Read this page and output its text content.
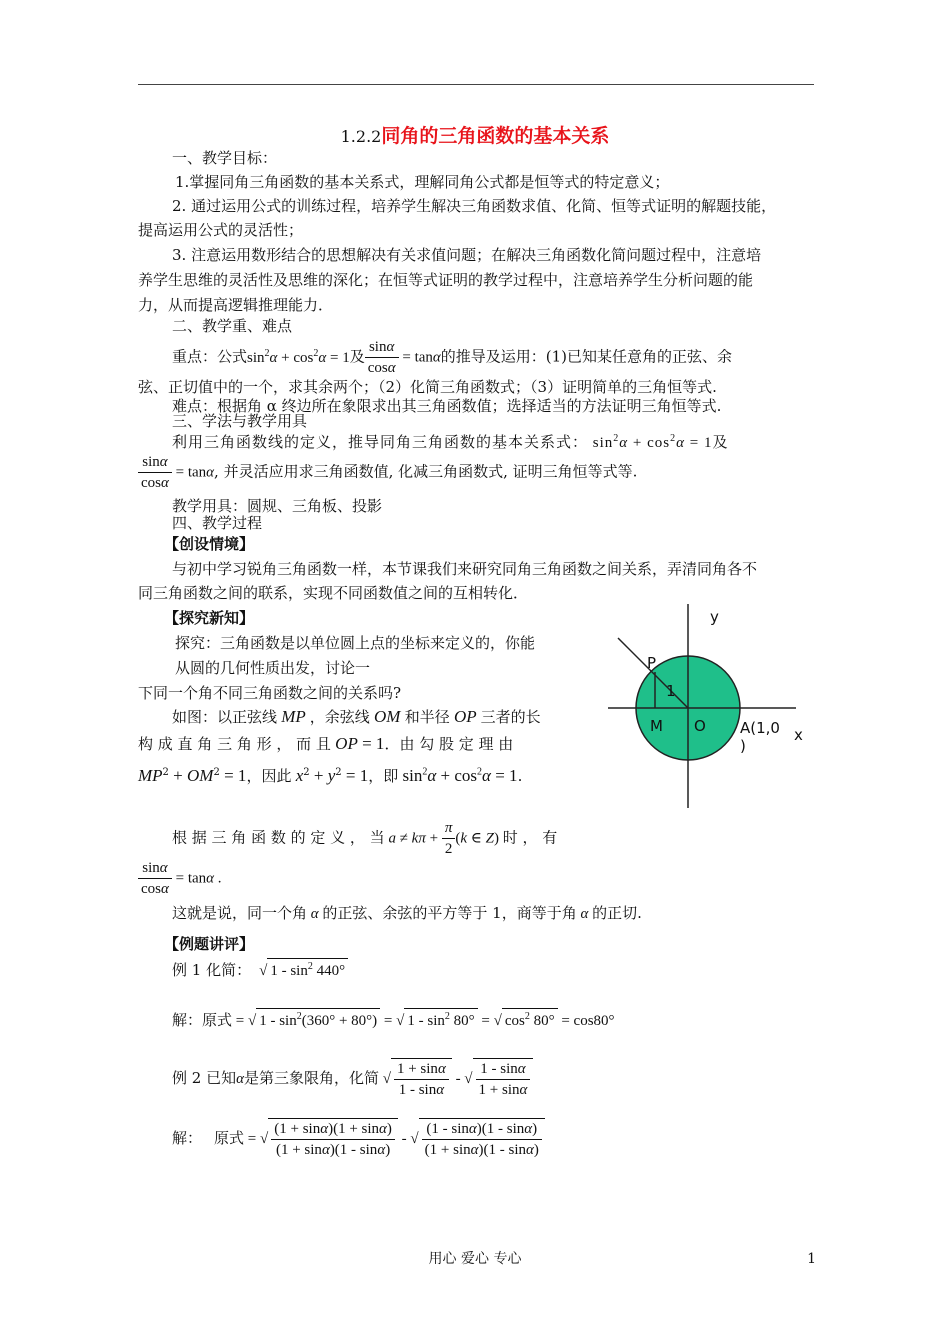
1.2.2同角的三角函数的基本关系
一、教学目标：
1.掌握同角三角函数的基本关系式，理解同角公式都是恒等式的特定意义；
2. 通过运用公式的训练过程，培养学生解决三角函数求值、化简、恒等式证明的解题技能，
提高运用公式的灵活性；
3. 注意运用数形结合的思想解决有关求值问题；在解决三角函数化简问题过程中，注意培
养学生思维的灵活性及思维的深化；在恒等式证明的教学过程中，注意培养学生分析问题的能
力，从而提高逻辑推理能力．
二、教学重、难点
重点：公式$\sin^2\alpha + \cos^2\alpha = 1$及 $\frac{\sin\alpha}{\cos\alpha} = \tan\alpha$的推导及运用：(1)已知某任意角的正弦、余
弦、正切值中的一个，求其余两个；（2）化简三角函数式；（3）证明简单的三角恒等式.
难点：根据角 α 终边所在象限求出其三角函数值；选择适当的方法证明三角恒等式.
三、学法与教学用具
利用三角函数线的定义，推导同角三角函数的基本关系式： $\sin^2\alpha + \cos^2\alpha = 1$及
$\frac{\sin\alpha}{\cos\alpha} = \tan\alpha$, 并灵活应用求三角函数值, 化减三角函数式, 证明三角恒等式等.
教学用具：圆规、三角板、投影
四、教学过程
【创设情境】
与初中学习锐角三角函数一样，本节课我们来研究同角三角函数之间关系，弄清同角各不
同三角函数之间的联系，实现不同函数值之间的互相转化．
【探究新知】
探究：三角函数是以单位圆上点的坐标来定义的，你能
从圆的几何性质出发，讨论一
下同一个角不同三角函数之间的关系吗?
如图：以正弦线 MP ，余弦线 OM 和半径 OP 三者的长
构 成 直 角 三 角 形 ， 而 且 OP = 1．由 勾 股 定 理 由
$MP^2 + OM^2 = 1$，因此 $x^2 + y^2 = 1$，即 $\sin^2\alpha + \cos^2\alpha = 1$.
根 据 三 角 函 数 的 定 义 ， 当 $a \ne k\pi + \frac{\pi}{2} (k$ ∈ Z) 时 ， 有
$\frac{\sin\alpha}{\cos\alpha} = \tan\alpha$ .
这就是说，同一个角 α 的正弦、余弦的平方等于 1，商等于角 α 的正切.
【例题讲评】
例 1 化简： √ $1 - \sin^2 440^\circ$
解：原式 = √ $1 - \sin^2(360^\circ + 80^\circ)$ = √ $1 - \sin^2 80^\circ$ = √ $\cos^2 80^\circ = \cos 80^\circ$
例 2 已知α是第三象限角，化简 √ $\frac{1 + \sin\alpha}{1 - \sin\alpha}$ - √ $\frac{1 - \sin\alpha}{1 + \sin\alpha}$
解： 原式 = √ $\frac{(1 + \sin\alpha)(1 + \sin\alpha)}{(1 + \sin\alpha)(1 - \sin\alpha)}$ - √ $\frac{(1 - \sin\alpha)(1 - \sin\alpha)}{(1 + \sin\alpha)(1 - \sin\alpha)}$
y
x
P
1
M O A(1,0
)
用心 爱心 专心	1
